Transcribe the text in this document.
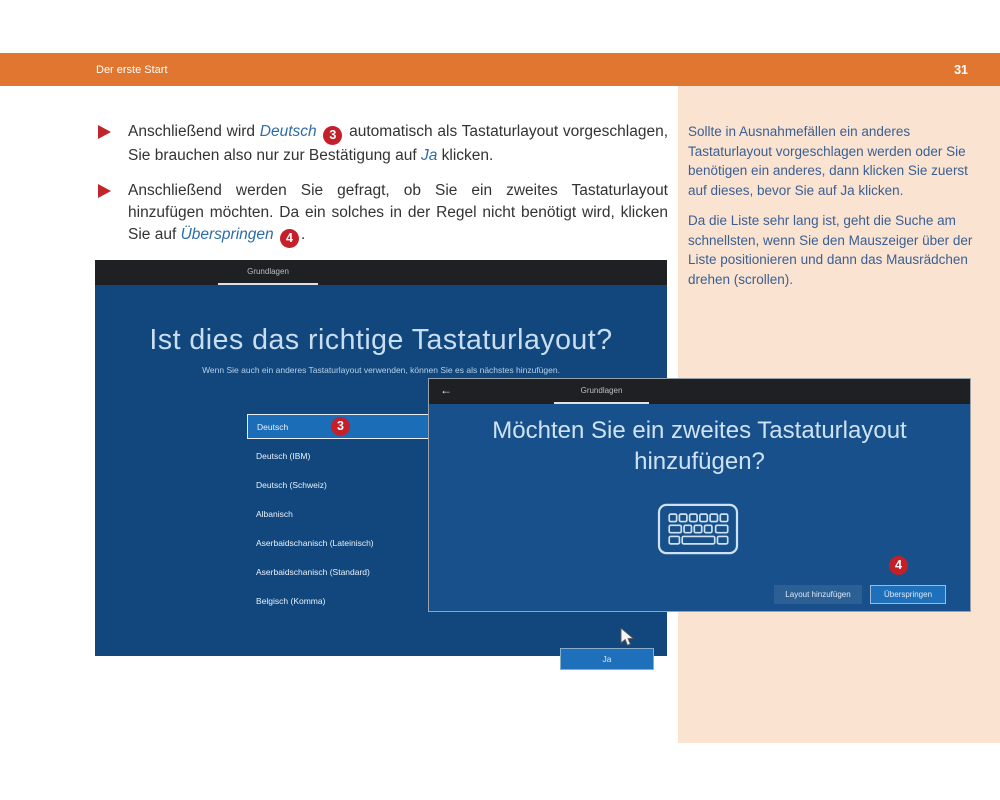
Der erste Start	31

Sollte in Ausnahmefällen ein anderes Tastaturlayout vorgeschlagen werden oder Sie benötigen ein anderes, dann klicken Sie zuerst auf dieses, bevor Sie auf Ja klicken.

Da die Liste sehr lang ist, geht die Suche am schnellsten, wenn Sie den Mauszeiger über der Liste positionieren und dann das Mausrädchen drehen (scrollen).

Anschließend wird Deutsch 3 automatisch als Tastaturlayout vorgeschlagen, Sie brauchen also nur zur Bestätigung auf Ja klicken.
Anschließend werden Sie gefragt, ob Sie ein zweites Tastaturlayout hinzufügen möchten. Da ein solches in der Regel nicht benötigt wird, klicken Sie auf Überspringen 4 .
Grundlagen
Ist dies das richtige Tastaturlayout?
Wenn Sie auch ein anderes Tastaturlayout verwenden, können Sie es als nächstes hinzufügen.
Deutsch	3
Deutsch (IBM)
Deutsch (Schweiz)
Albanisch
Aserbaidschanisch (Lateinisch)
Aserbaidschanisch (Standard)
Belgisch (Komma)
Ja
←	Grundlagen
Möchten Sie ein zweites Tastaturlayout
hinzufügen?
Layout hinzufügen	Überspringen
4
